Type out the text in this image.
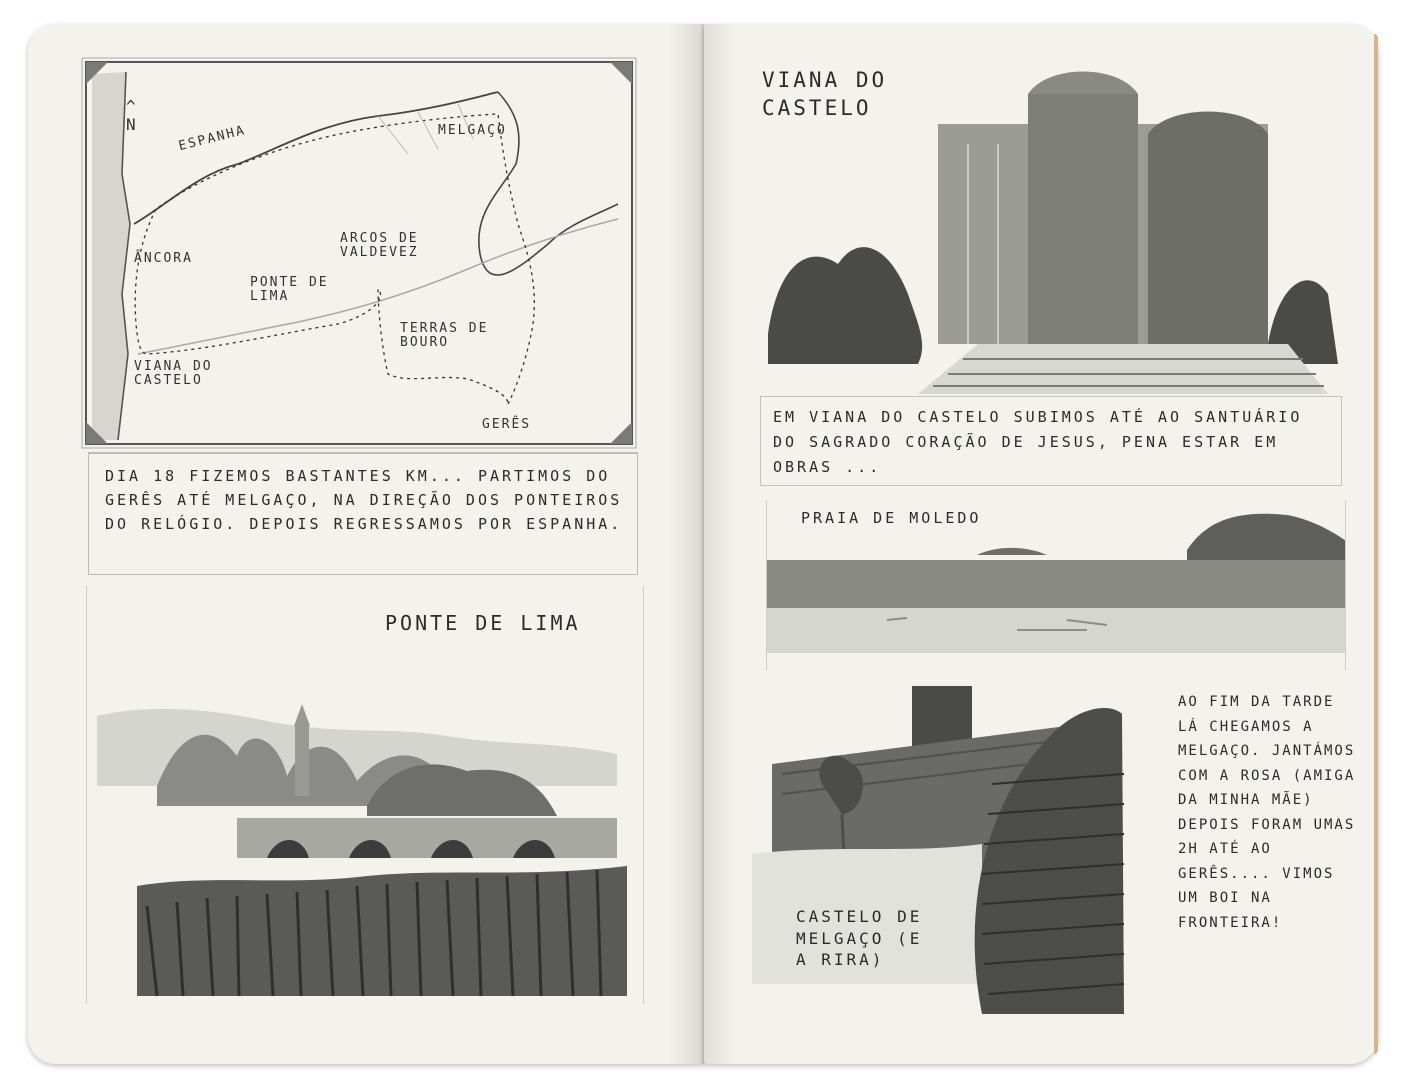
^
N	ESPANHA	MELGAÇO
ÂNCORA
ARCOS DE VALDEVEZ
PONTE DE LIMA
TERRAS DE BOURO
VIANA DO CASTELO
GERÊS
DIA 18 FIZEMOS BASTANTES KM... PARTIMOS DO GERÊS ATÉ MELGAÇO, NA DIREÇÃO DOS PONTEIROS DO RELÓGIO. DEPOIS REGRESSAMOS POR ESPANHA.
PONTE DE LIMA
VIANA DO CASTELO
EM VIANA DO CASTELO SUBIMOS ATÉ AO SANTUÁRIO DO SAGRADO CORAÇÃO DE JESUS, PENA ESTAR EM OBRAS ...
PRAIA DE MOLEDO
CASTELO DE MELGAÇO (E A RIRA)
AO FIM DA TARDE LÁ CHEGAMOS A MELGAÇO. JANTÁMOS COM A ROSA (AMIGA DA MINHA MÃE) DEPOIS FORAM UMAS 2H ATÉ AO GERÊS.... VIMOS UM BOI NA FRONTEIRA!
